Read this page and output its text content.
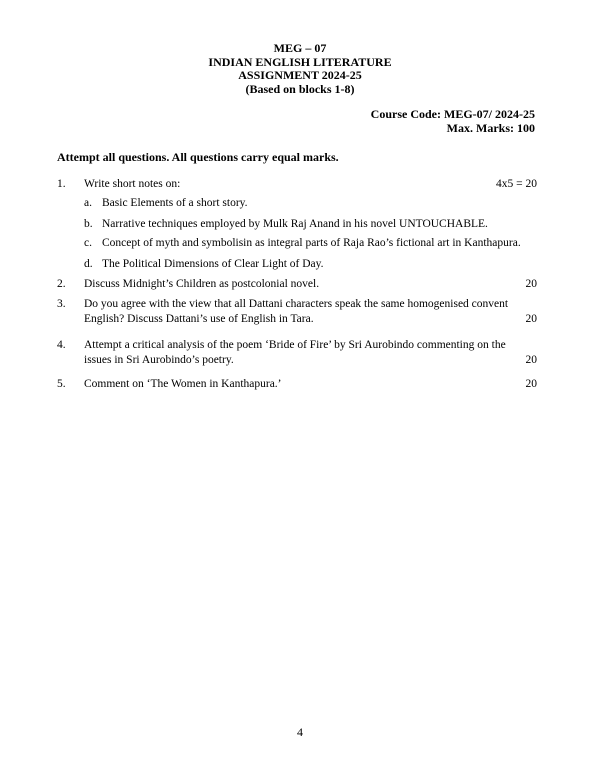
MEG – 07
INDIAN ENGLISH LITERATURE
ASSIGNMENT 2024-25
(Based on blocks 1-8)
Course Code: MEG-07/ 2024-25
Max. Marks: 100
Attempt all questions. All questions carry equal marks.
1. Write short notes on:	4x5 = 20
a. Basic Elements of a short story.
b. Narrative techniques employed by Mulk Raj Anand in his novel UNTOUCHABLE.
c. Concept of myth and symbolisin as integral parts of Raja Rao’s fictional art in Kanthapura.
d. The Political Dimensions of Clear Light of Day.
2. Discuss Midnight’s Children as postcolonial novel.	20
3. Do you agree with the view that all Dattani characters speak the same homogenised convent English? Discuss Dattani’s use of English in Tara.	20
4. Attempt a critical analysis of the poem ‘Bride of Fire’ by Sri Aurobindo commenting on the issues in Sri Aurobindo’s poetry.	20
5. Comment on ‘The Women in Kanthapura.’	20
4
